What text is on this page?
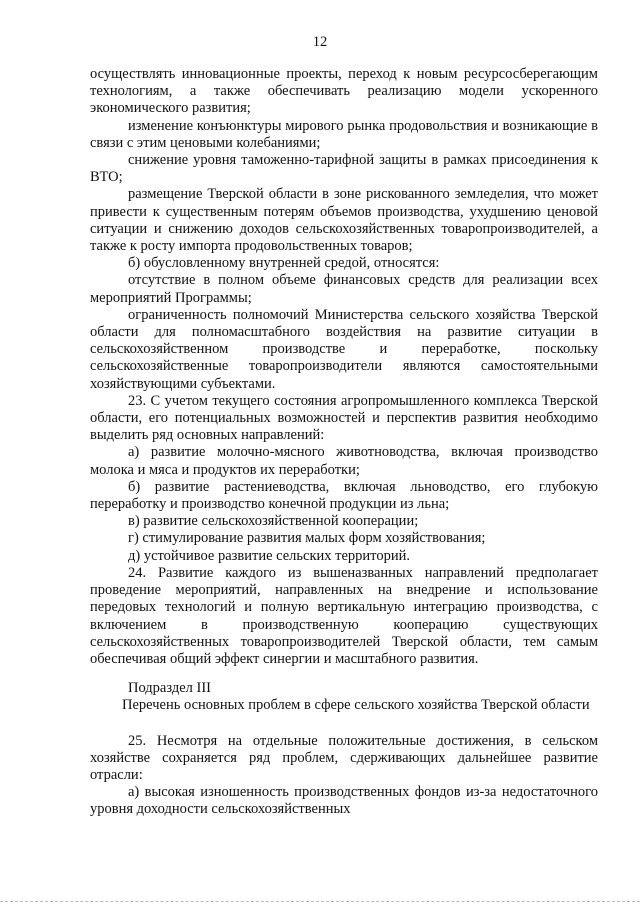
12

осуществлять инновационные проекты, переход к новым ресурсосберегающим технологиям, а также обеспечивать реализацию модели ускоренного экономического развития;

изменение конъюнктуры мирового рынка продовольствия и возникающие в связи с этим ценовыми колебаниями;

снижение уровня таможенно-тарифной защиты в рамках присоединения к ВТО;

размещение Тверской области в зоне рискованного земледелия, что может привести к существенным потерям объемов производства, ухудшению ценовой ситуации и снижению доходов сельскохозяйственных товаропроизводителей, а также к росту импорта продовольственных товаров;

б) обусловленному внутренней средой, относятся:

отсутствие в полном объеме финансовых средств для реализации всех мероприятий Программы;

ограниченность полномочий Министерства сельского хозяйства Тверской области для полномасштабного воздействия на развитие ситуации в сельскохозяйственном производстве и переработке, поскольку сельскохозяйственные товаропроизводители являются самостоятельными хозяйствующими субъектами.

23. С учетом текущего состояния агропромышленного комплекса Тверской области, его потенциальных возможностей и перспектив развития необходимо выделить ряд основных направлений:

а) развитие молочно-мясного животноводства, включая производство молока и мяса и продуктов их переработки;

б) развитие растениеводства, включая льноводство, его глубокую переработку и производство конечной продукции из льна;

в) развитие сельскохозяйственной кооперации;

г) стимулирование развития малых форм хозяйствования;

д) устойчивое развитие сельских территорий.

24. Развитие каждого из вышеназванных направлений предполагает проведение мероприятий, направленных на внедрение и использование передовых технологий и полную вертикальную интеграцию производства, с включением в производственную кооперацию существующих сельскохозяйственных товаропроизводителей Тверской области, тем самым обеспечивая общий эффект синергии и масштабного развития.

Подраздел III

Перечень основных проблем в сфере сельского хозяйства Тверской области

25. Несмотря на отдельные положительные достижения, в сельском хозяйстве сохраняется ряд проблем, сдерживающих дальнейшее развитие отрасли:

а) высокая изношенность производственных фондов из-за недостаточного уровня доходности сельскохозяйственных
